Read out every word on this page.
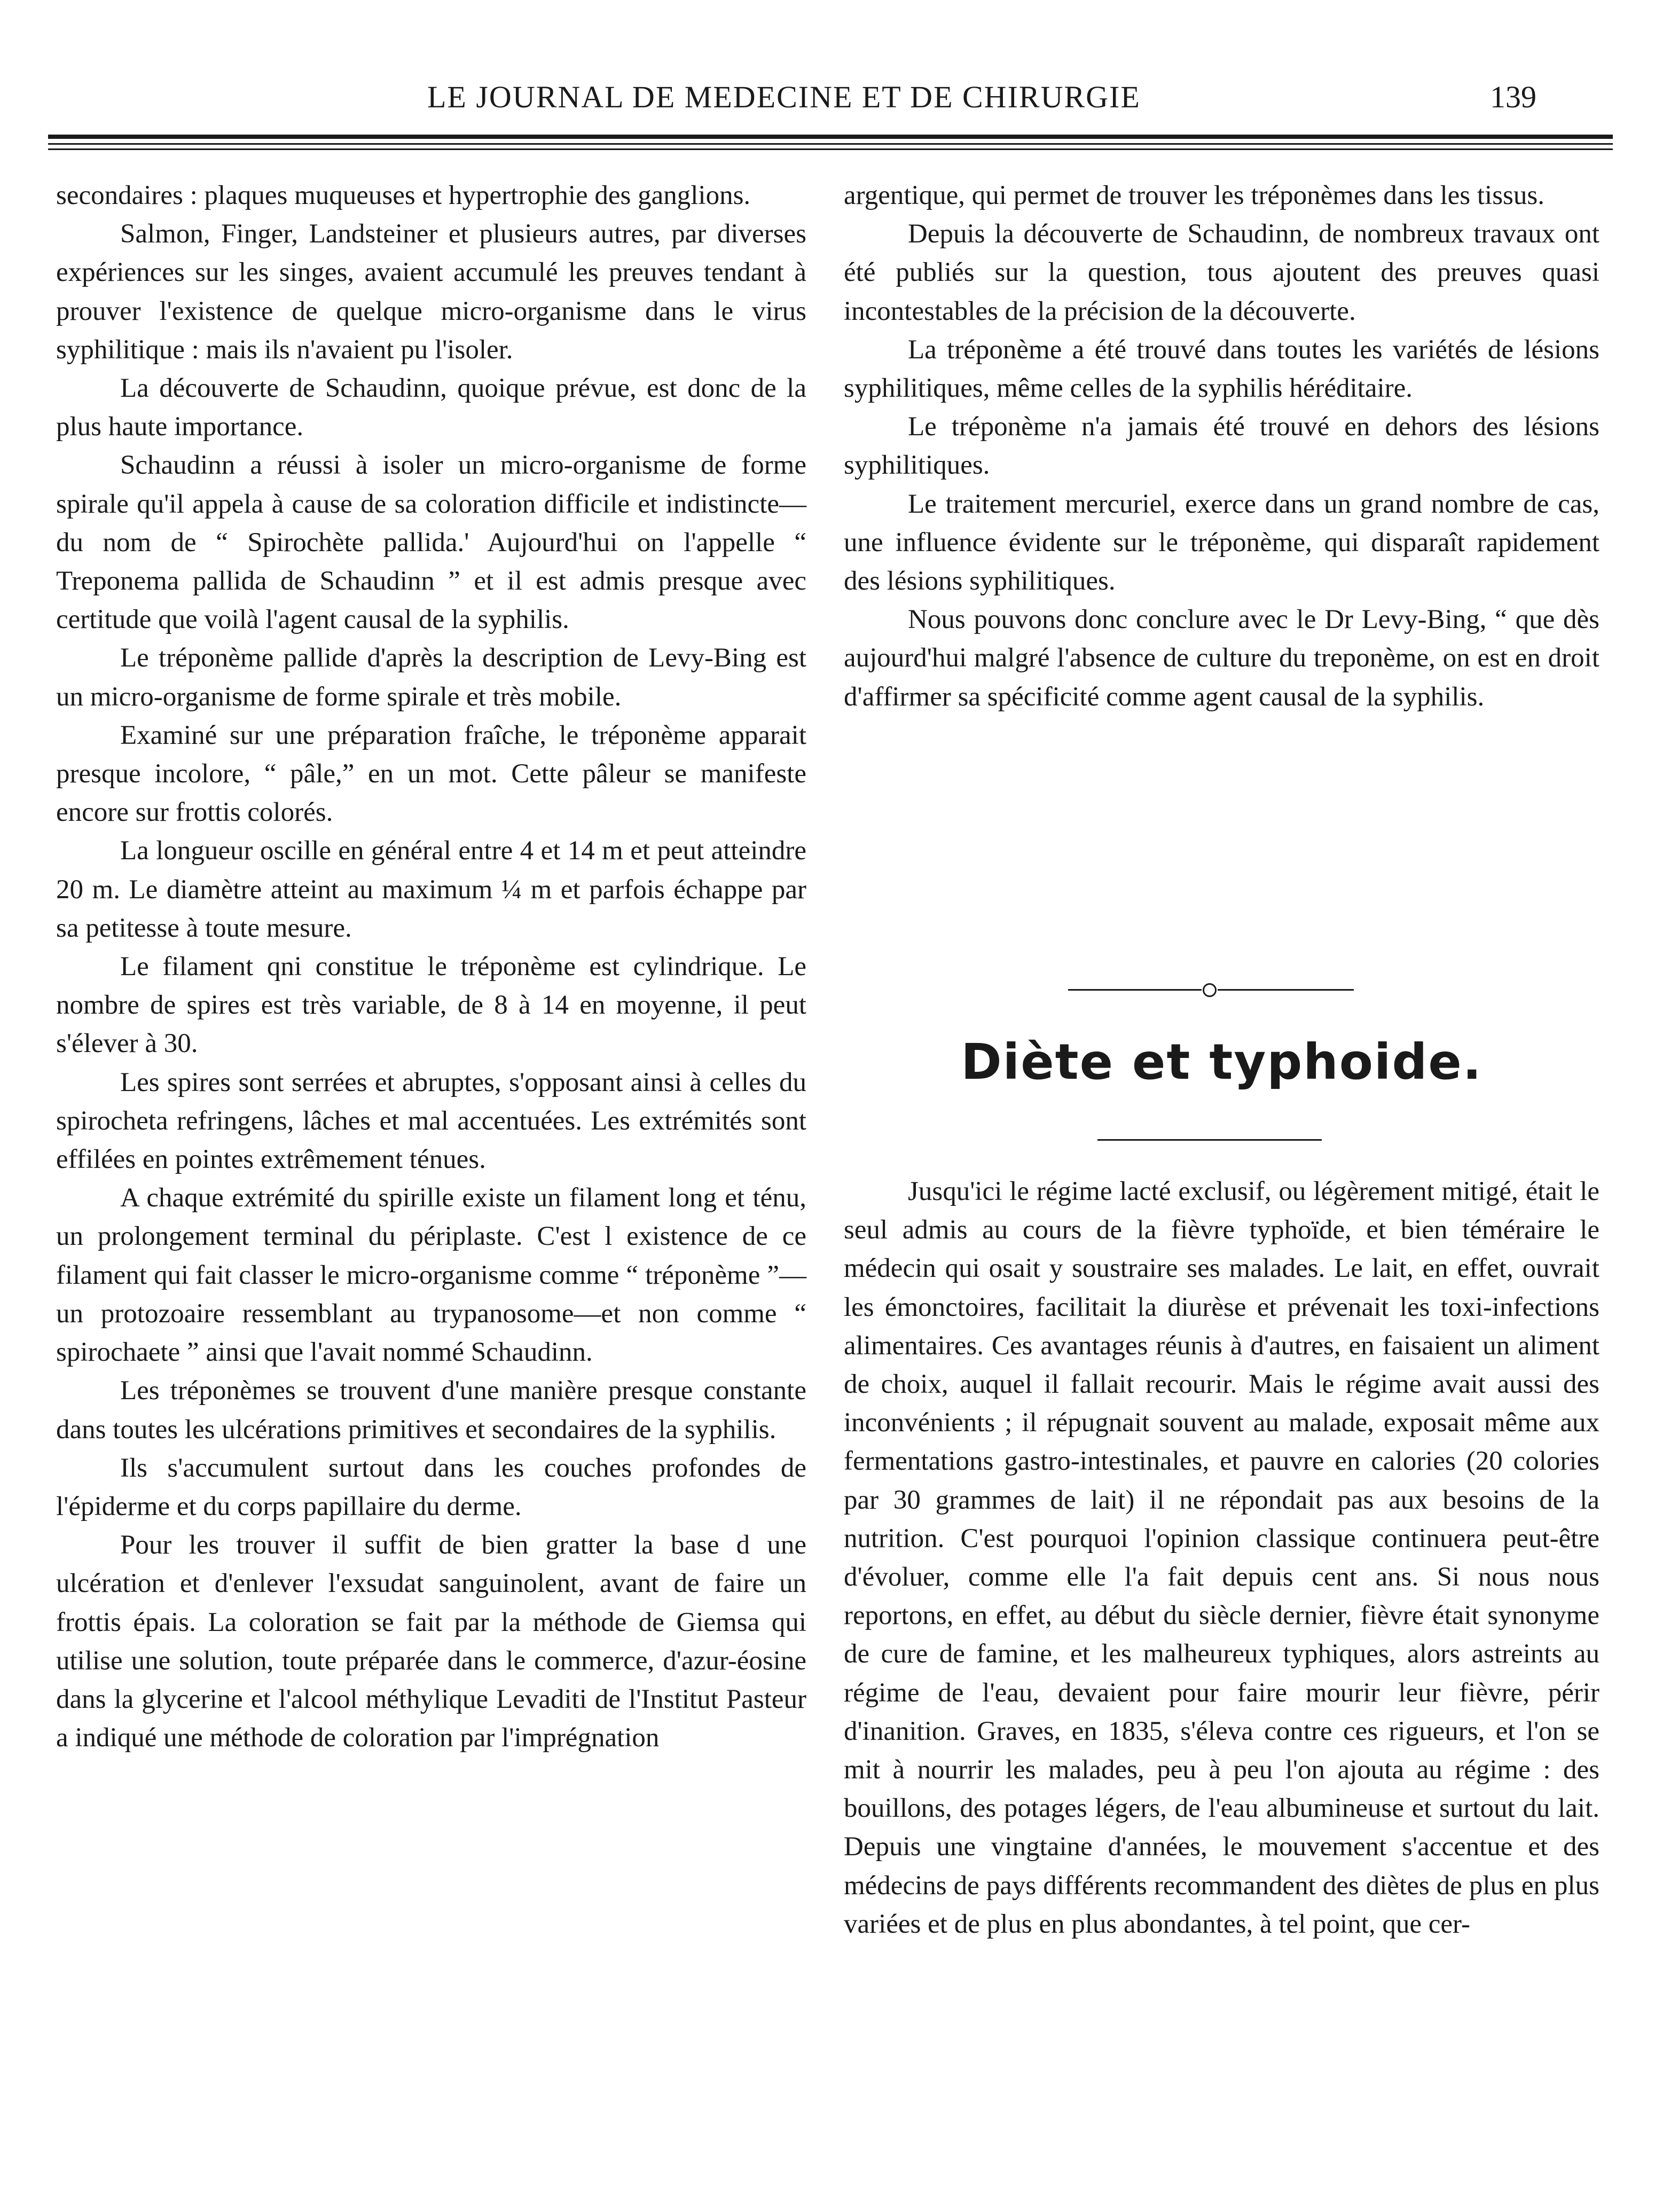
LE JOURNAL DE MEDECINE ET DE CHIRURGIE	139

secondaires : plaques muqueuses et hypertrophie des ganglions.

Salmon, Finger, Landsteiner et plusieurs autres, par diverses expériences sur les singes, avaient accumulé les preuves tendant à prouver l'existence de quelque micro-organisme dans le virus syphilitique : mais ils n'avaient pu l'isoler.

La découverte de Schaudinn, quoique prévue, est donc de la plus haute importance.

Schaudinn a réussi à isoler un micro-organisme de forme spirale qu'il appela à cause de sa coloration difficile et indistincte—du nom de “ Spirochète pallida.' Aujourd'hui on l'appelle “ Treponema pallida de Schaudinn ” et il est admis presque avec certitude que voilà l'agent causal de la syphilis.

Le tréponème pallide d'après la description de Levy-Bing est un micro-organisme de forme spirale et très mobile.

Examiné sur une préparation fraîche, le tréponème apparait presque incolore, “ pâle,” en un mot. Cette pâleur se manifeste encore sur frottis colorés.

La longueur oscille en général entre 4 et 14 m et peut atteindre 20 m. Le diamètre atteint au maximum ¼ m et parfois échappe par sa petitesse à toute mesure.

Le filament qni constitue le tréponème est cylindrique. Le nombre de spires est très variable, de 8 à 14 en moyenne, il peut s'élever à 30.

Les spires sont serrées et abruptes, s'opposant ainsi à celles du spirocheta refringens, lâches et mal accentuées. Les extrémités sont effilées en pointes extrêmement ténues.

A chaque extrémité du spirille existe un filament long et ténu, un prolongement terminal du périplaste. C'est l existence de ce filament qui fait classer le micro-organisme comme “ tréponème ”—un protozoaire ressemblant au trypanosome—et non comme “ spirochaete ” ainsi que l'avait nommé Schaudinn.

Les tréponèmes se trouvent d'une manière presque constante dans toutes les ulcérations primitives et secondaires de la syphilis.

Ils s'accumulent surtout dans les couches profondes de l'épiderme et du corps papillaire du derme.

Pour les trouver il suffit de bien gratter la base d une ulcération et d'enlever l'exsudat sanguinolent, avant de faire un frottis épais. La coloration se fait par la méthode de Giemsa qui utilise une solution, toute préparée dans le commerce, d'azur-éosine dans la glycerine et l'alcool méthylique Levaditi de l'Institut Pasteur a indiqué une méthode de coloration par l'imprégnation

argentique, qui permet de trouver les tréponèmes dans les tissus.

Depuis la découverte de Schaudinn, de nombreux travaux ont été publiés sur la question, tous ajoutent des preuves quasi incontestables de la précision de la découverte.

La tréponème a été trouvé dans toutes les variétés de lésions syphilitiques, même celles de la syphilis héréditaire.

Le tréponème n'a jamais été trouvé en dehors des lésions syphilitiques.

Le traitement mercuriel, exerce dans un grand nombre de cas, une influence évidente sur le tréponème, qui disparaît rapidement des lésions syphilitiques.

Nous pouvons donc conclure avec le Dr Levy-Bing, “ que dès aujourd'hui malgré l'absence de culture du treponème, on est en droit d'affirmer sa spécificité comme agent causal de la syphilis.

Diète et typhoide.

Jusqu'ici le régime lacté exclusif, ou légèrement mitigé, était le seul admis au cours de la fièvre typhoïde, et bien téméraire le médecin qui osait y soustraire ses malades. Le lait, en effet, ouvrait les émonctoires, facilitait la diurèse et prévenait les toxi-infections alimentaires. Ces avantages réunis à d'autres, en faisaient un aliment de choix, auquel il fallait recourir. Mais le régime avait aussi des inconvénients ; il répugnait souvent au malade, exposait même aux fermentations gastro-intestinales, et pauvre en calories (20 colories par 30 grammes de lait) il ne répondait pas aux besoins de la nutrition. C'est pourquoi l'opinion classique continuera peut-être d'évoluer, comme elle l'a fait depuis cent ans. Si nous nous reportons, en effet, au début du siècle dernier, fièvre était synonyme de cure de famine, et les malheureux typhiques, alors astreints au régime de l'eau, devaient pour faire mourir leur fièvre, périr d'inanition. Graves, en 1835, s'éleva contre ces rigueurs, et l'on se mit à nourrir les malades, peu à peu l'on ajouta au régime : des bouillons, des potages légers, de l'eau albumineuse et surtout du lait. Depuis une vingtaine d'années, le mouvement s'accentue et des médecins de pays différents recommandent des diètes de plus en plus variées et de plus en plus abondantes, à tel point, que cer-
